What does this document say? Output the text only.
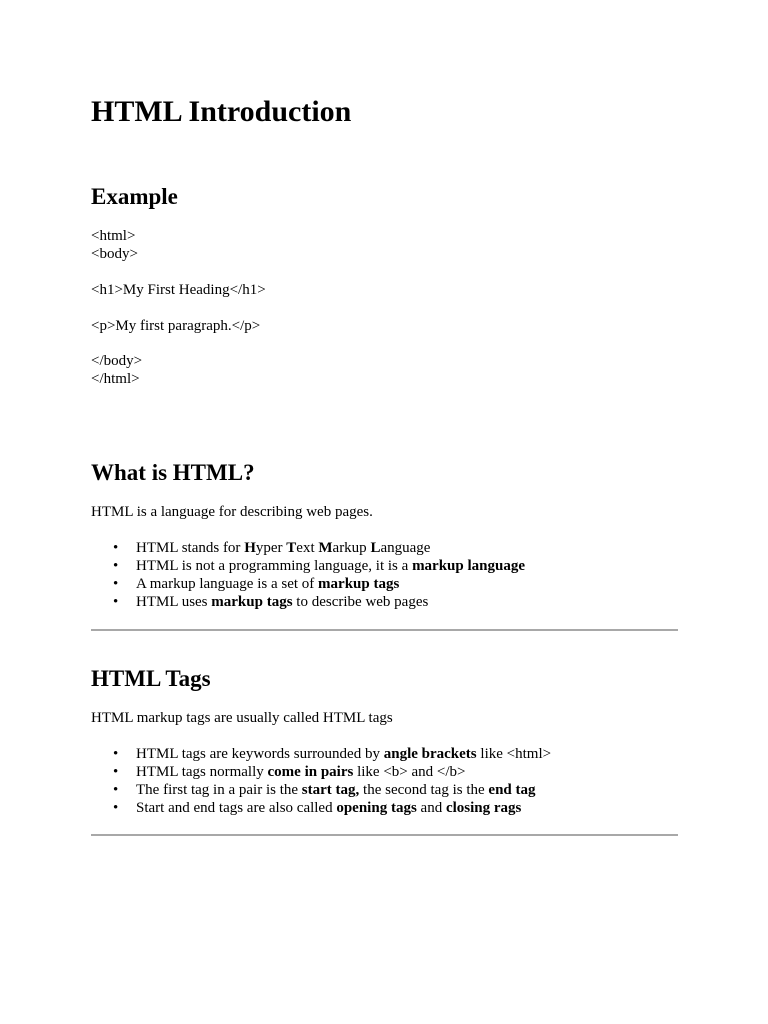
HTML Introduction
Example
<html>
<body>
<h1>My First Heading</h1>
<p>My first paragraph.</p>
</body>
</html>
What is HTML?
HTML is a language for describing web pages.
• HTML stands for Hyper Text Markup Language
• HTML is not a programming language, it is a markup language
• A markup language is a set of markup tags
• HTML uses markup tags to describe web pages
HTML Tags
HTML markup tags are usually called HTML tags
• HTML tags are keywords surrounded by angle brackets like <html>
• HTML tags normally come in pairs like <b> and </b>
• The first tag in a pair is the start tag, the second tag is the end tag
• Start and end tags are also called opening tags and closing rags
